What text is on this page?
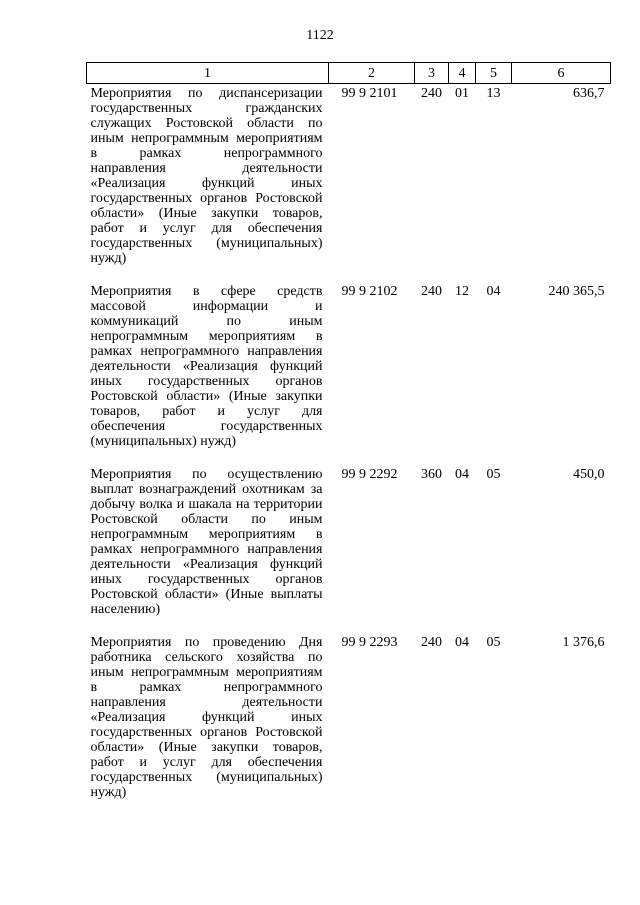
1122
1	2	3	4	5	6
Мероприятия по диспансеризации государственных гражданских служащих Ростовской области по иным непрограммным мероприятиям в рамках непрограммного направления деятельности «Реализация функций иных государственных органов Ростовской области» (Иные закупки товаров, работ и услуг для обеспечения государственных (муниципальных) нужд)	99 9 2101	240	01	13	636,7
Мероприятия в сфере средств массовой информации и коммуникаций по иным непрограммным мероприятиям в рамках непрограммного направления деятельности «Реализация функций иных государственных органов Ростовской области» (Иные закупки товаров, работ и услуг для обеспечения государственных (муниципальных) нужд)	99 9 2102	240	12	04	240 365,5
Мероприятия по осуществлению выплат вознаграждений охотникам за добычу волка и шакала на территории Ростовской области по иным непрограммным мероприятиям в рамках непрограммного направления деятельности «Реализация функций иных государственных органов Ростовской области» (Иные выплаты населению)	99 9 2292	360	04	05	450,0
Мероприятия по проведению Дня работника сельского хозяйства по иным непрограммным мероприятиям в рамках непрограммного направления деятельности «Реализация функций иных государственных органов Ростовской области» (Иные закупки товаров, работ и услуг для обеспечения государственных (муниципальных) нужд)	99 9 2293	240	04	05	1 376,6
